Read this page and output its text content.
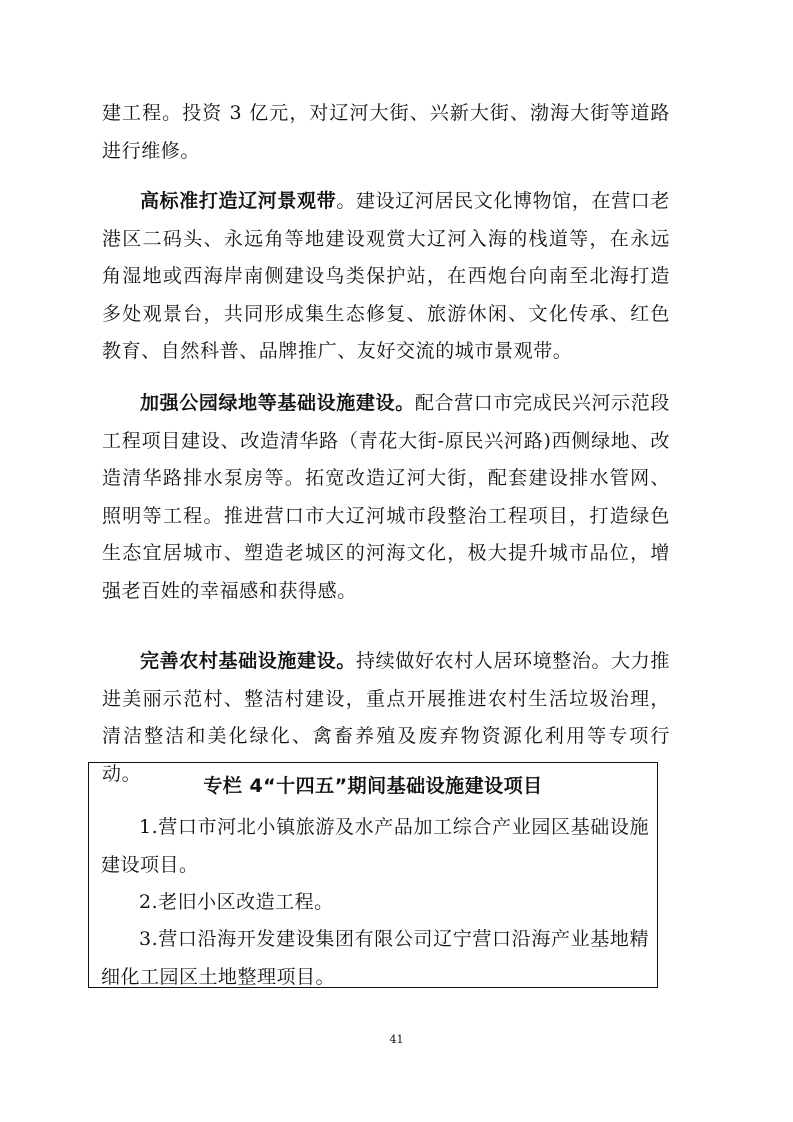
建工程。投资 3 亿元，对辽河大街、兴新大街、渤海大街等道路进行维修。

高标准打造辽河景观带。建设辽河居民文化博物馆，在营口老港区二码头、永远角等地建设观赏大辽河入海的栈道等，在永远角湿地或西海岸南侧建设鸟类保护站，在西炮台向南至北海打造多处观景台，共同形成集生态修复、旅游休闲、文化传承、红色教育、自然科普、品牌推广、友好交流的城市景观带。

加强公园绿地等基础设施建设。配合营口市完成民兴河示范段工程项目建设、改造清华路（青花大街-原民兴河路)西侧绿地、改造清华路排水泵房等。拓宽改造辽河大街，配套建设排水管网、照明等工程。推进营口市大辽河城市段整治工程项目，打造绿色生态宜居城市、塑造老城区的河海文化，极大提升城市品位，增强老百姓的幸福感和获得感。

完善农村基础设施建设。持续做好农村人居环境整治。大力推进美丽示范村、整洁村建设，重点开展推进农村生活垃圾治理，清洁整洁和美化绿化、禽畜养殖及废弃物资源化利用等专项行动。

专栏 4“十四五”期间基础设施建设项目

1.营口市河北小镇旅游及水产品加工综合产业园区基础设施建设项目。

2.老旧小区改造工程。

3.营口沿海开发建设集团有限公司辽宁营口沿海产业基地精细化工园区土地整理项目。

41
